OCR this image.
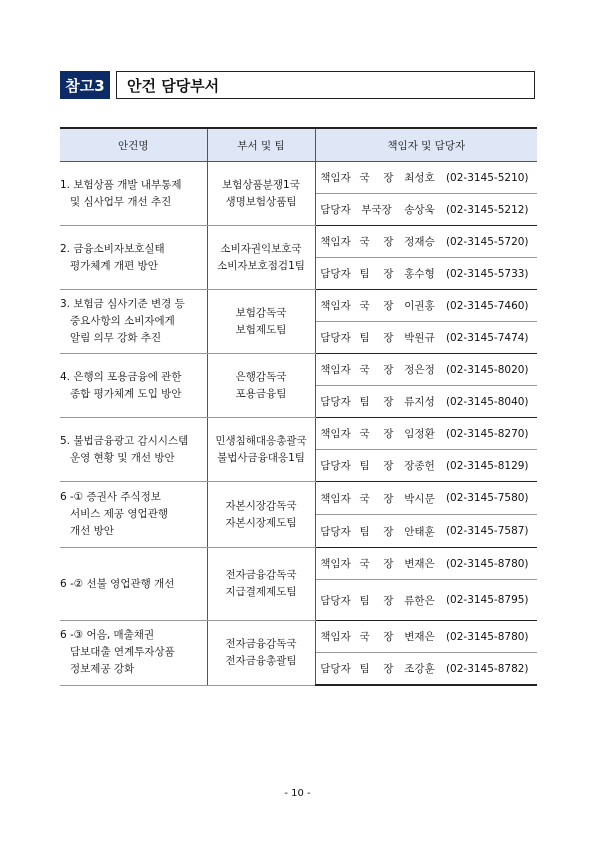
참고3	안건 담당부서
안건명	부서 및 팀	책임자 및 담당자

1. 보험상품 개발 내부통제
및 심사업무 개선 추진	보험상품분쟁1국
생명보험상품팀	책임자 국 장 최성호 (02-3145-5210)

		담당자 부국장 송상욱 (02-3145-5212)

2. 금융소비자보호실태
평가체계 개편 방안	소비자권익보호국
소비자보호점검1팀	책임자 국 장 정재승 (02-3145-5720)

		담당자 팀 장 홍수형 (02-3145-5733)

3. 보험금 심사기준 변경 등
중요사항의 소비자에게
알림 의무 강화 추진	보험감독국
보험제도팀	책임자 국 장 이권홍 (02-3145-7460)

		담당자 팀 장 박원규 (02-3145-7474)

4. 은행의 포용금융에 관한
종합 평가체계 도입 방안	은행감독국
포용금융팀	책임자 국 장 정은정 (02-3145-8020)

		담당자 팀 장 류지성 (02-3145-8040)

5. 불법금융광고 감시시스템
운영 현황 및 개선 방안	민생침해대응총괄국
불법사금융대응1팀	책임자 국 장 임정환 (02-3145-8270)

		담당자 팀 장 장종헌 (02-3145-8129)

6 -① 증권사 주식정보
서비스 제공 영업관행
개선 방안	자본시장감독국
자본시장제도팀	책임자 국 장 박시문 (02-3145-7580)

		담당자 팀 장 안태훈 (02-3145-7587)

6 -② 선불 영업관행 개선	전자금융감독국
지급결제제도팀	책임자 국 장 변재은 (02-3145-8780)

		담당자 팀 장 류한은 (02-3145-8795)

6 -③ 어음, 매출채권
담보대출 연계투자상품
정보제공 강화	전자금융감독국
전자금융총괄팀	책임자 국 장 변재은 (02-3145-8780)

		담당자 팀 장 조강훈 (02-3145-8782)
- 10 -
